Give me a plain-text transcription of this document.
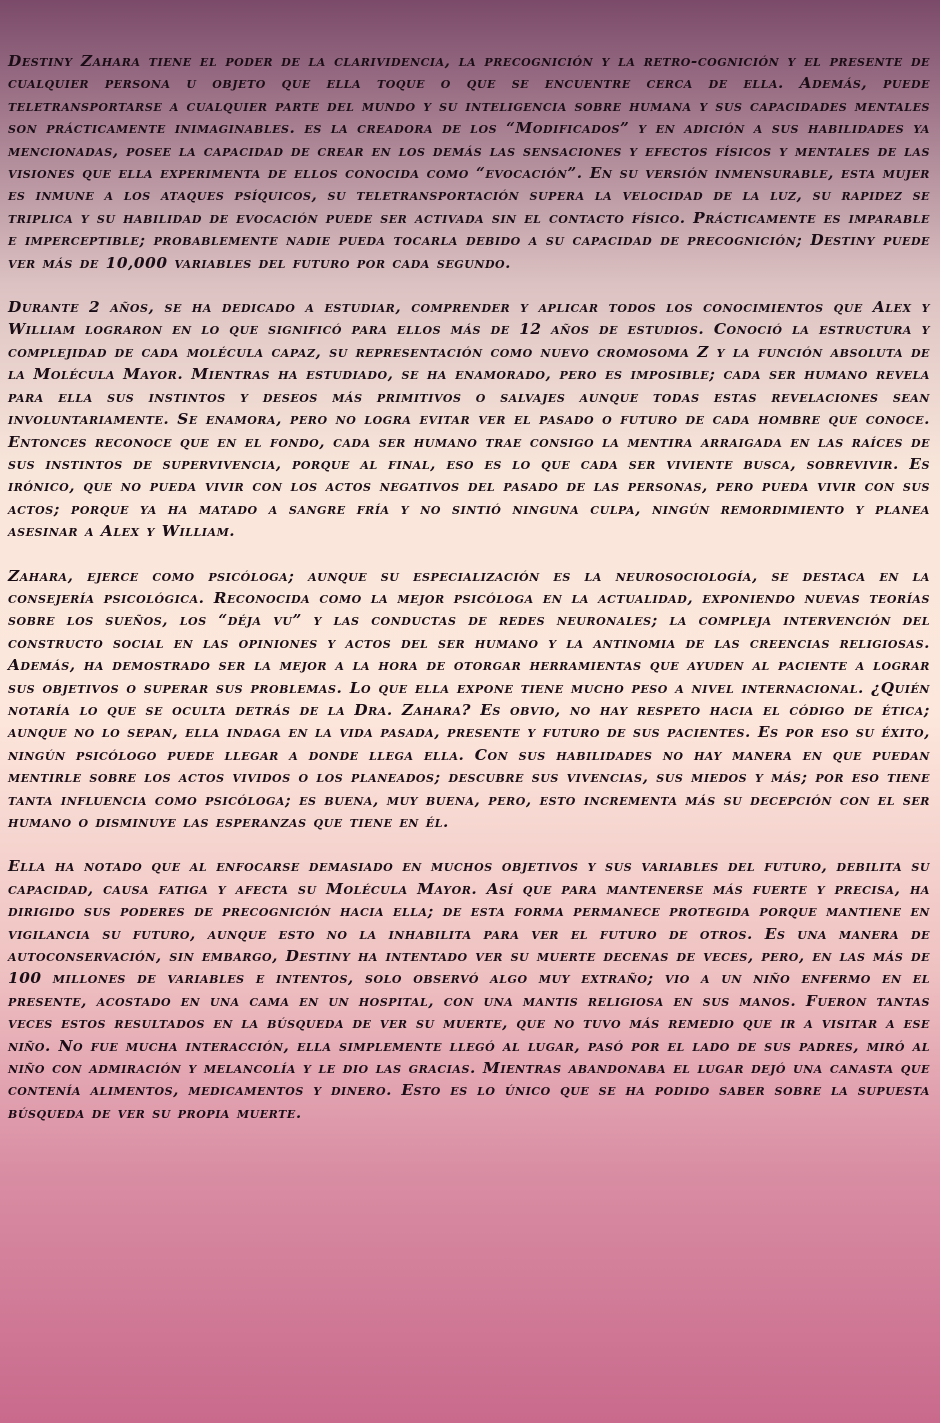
Destiny Zahara tiene el poder de la clarividencia, la precognición y la retro-cognición y el presente de cualquier persona u objeto que ella toque o que se encuentre cerca de ella. Además, puede teletransportarse a cualquier parte del mundo y su inteligencia sobre humana y sus capacidades mentales son prácticamente inimaginables. es la creadora de los “Modificados” y en adición a sus habilidades ya mencionadas, posee la capacidad de crear en los demás las sensaciones y efectos físicos y mentales de las visiones que ella experimenta de ellos conocida como “evocación”. En su versión inmensurable, esta mujer es inmune a los ataques psíquicos, su teletransportación supera la velocidad de la luz, su rapidez se triplica y su habilidad de evocación puede ser activada sin el contacto físico. Prácticamente es imparable e imperceptible; probablemente nadie pueda tocarla debido a su capacidad de precognición; Destiny puede ver más de 10,000 variables del futuro por cada segundo.

Durante 2 años, se ha dedicado a estudiar, comprender y aplicar todos los conocimientos que Alex y William lograron en lo que significó para ellos más de 12 años de estudios. Conoció la estructura y complejidad de cada molécula capaz, su representación como nuevo cromosoma Z y la función absoluta de la Molécula Mayor. Mientras ha estudiado, se ha enamorado, pero es imposible; cada ser humano revela para ella sus instintos y deseos más primitivos o salvajes aunque todas estas revelaciones sean involuntariamente. Se enamora, pero no logra evitar ver el pasado o futuro de cada hombre que conoce. Entonces reconoce que en el fondo, cada ser humano trae consigo la mentira arraigada en las raíces de sus instintos de supervivencia, porque al final, eso es lo que cada ser viviente busca, sobrevivir. Es irónico, que no pueda vivir con los actos negativos del pasado de las personas, pero pueda vivir con sus actos; porque ya ha matado a sangre fría y no sintió ninguna culpa, ningún remordimiento y planea asesinar a Alex y William.

Zahara, ejerce como psicóloga; aunque su especialización es la neurosociología, se destaca en la consejería psicológica. Reconocida como la mejor psicóloga en la actualidad, exponiendo nuevas teorías sobre los sueños, los “déja vu” y las conductas de redes neuronales; la compleja intervención del constructo social en las opiniones y actos del ser humano y la antinomia de las creencias religiosas. Además, ha demostrado ser la mejor a la hora de otorgar herramientas que ayuden al paciente a lograr sus objetivos o superar sus problemas. Lo que ella expone tiene mucho peso a nivel internacional. ¿Quién notaría lo que se oculta detrás de la Dra. Zahara? Es obvio, no hay respeto hacia el código de ética; aunque no lo sepan, ella indaga en la vida pasada, presente y futuro de sus pacientes. Es por eso su éxito, ningún psicólogo puede llegar a donde llega ella. Con sus habilidades no hay manera en que puedan mentirle sobre los actos vividos o los planeados; descubre sus vivencias, sus miedos y más; por eso tiene tanta influencia como psicóloga; es buena, muy buena, pero, esto incrementa más su decepción con el ser humano o disminuye las esperanzas que tiene en él.

Ella ha notado que al enfocarse demasiado en muchos objetivos y sus variables del futuro, debilita su capacidad, causa fatiga y afecta su Molécula Mayor. Así que para mantenerse más fuerte y precisa, ha dirigido sus poderes de precognición hacia ella; de esta forma permanece protegida porque mantiene en vigilancia su futuro, aunque esto no la inhabilita para ver el futuro de otros. Es una manera de autoconservación, sin embargo, Destiny ha intentado ver su muerte decenas de veces, pero, en las más de 100 millones de variables e intentos, solo observó algo muy extraño; vio a un niño enfermo en el presente, acostado en una cama en un hospital, con una mantis religiosa en sus manos. Fueron tantas veces estos resultados en la búsqueda de ver su muerte, que no tuvo más remedio que ir a visitar a ese niño. No fue mucha interacción, ella simplemente llegó al lugar, pasó por el lado de sus padres, miró al niño con admiración y melancolía y le dio las gracias. Mientras abandonaba el lugar dejó una canasta que contenía alimentos, medicamentos y dinero. Esto es lo único que se ha podido saber sobre la supuesta búsqueda de ver su propia muerte.
